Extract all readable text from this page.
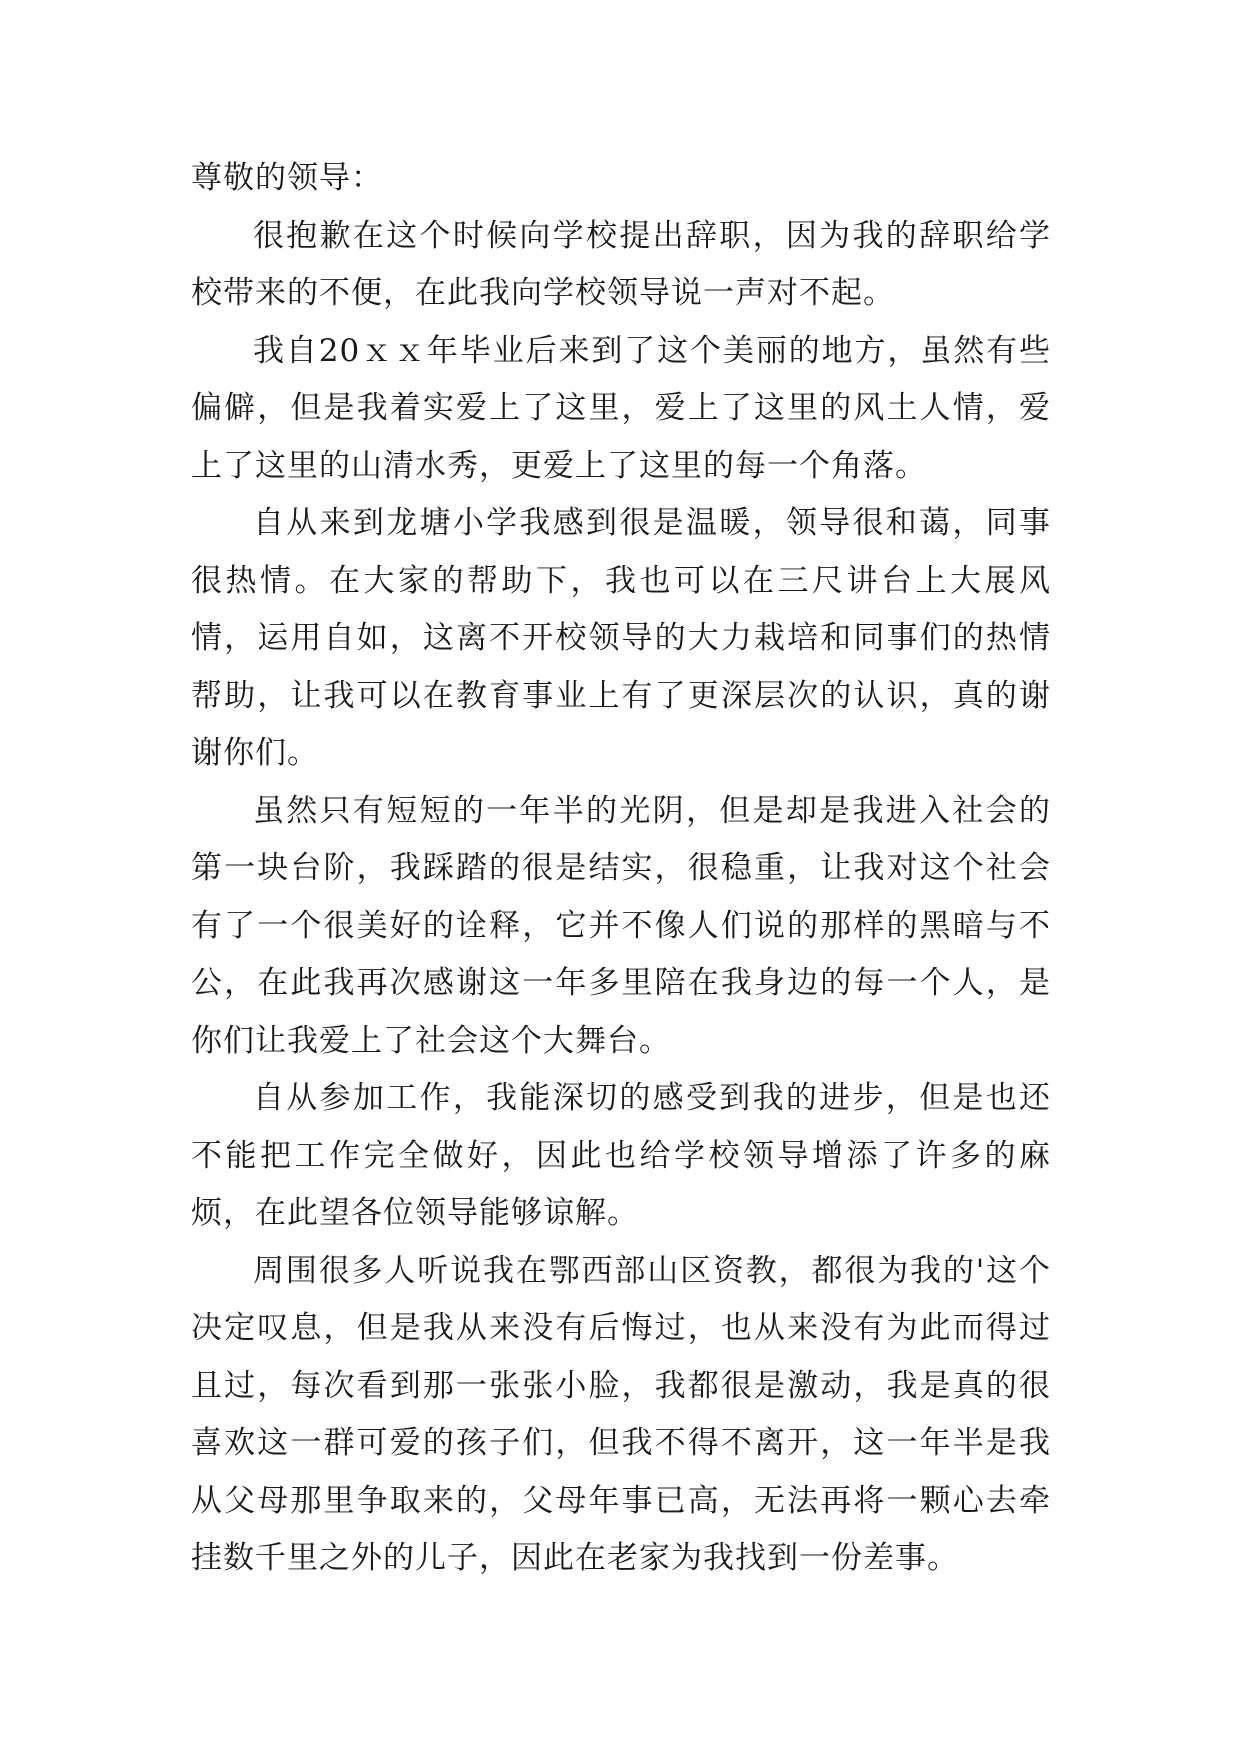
尊敬的领导：

很抱歉在这个时候向学校提出辞职，因为我的辞职给学校带来的不便，在此我向学校领导说一声对不起。

我自20ｘｘ年毕业后来到了这个美丽的地方，虽然有些偏僻，但是我着实爱上了这里，爱上了这里的风土人情，爱上了这里的山清水秀，更爱上了这里的每一个角落。

自从来到龙塘小学我感到很是温暖，领导很和蔼，同事很热情。在大家的帮助下，我也可以在三尺讲台上大展风情，运用自如，这离不开校领导的大力栽培和同事们的热情帮助，让我可以在教育事业上有了更深层次的认识，真的谢谢你们。

虽然只有短短的一年半的光阴，但是却是我进入社会的第一块台阶，我踩踏的很是结实，很稳重，让我对这个社会有了一个很美好的诠释，它并不像人们说的那样的黑暗与不公，在此我再次感谢这一年多里陪在我身边的每一个人，是你们让我爱上了社会这个大舞台。

自从参加工作，我能深切的感受到我的进步，但是也还不能把工作完全做好，因此也给学校领导增添了许多的麻烦，在此望各位领导能够谅解。

周围很多人听说我在鄂西部山区资教，都很为我的'这个决定叹息，但是我从来没有后悔过，也从来没有为此而得过且过，每次看到那一张张小脸，我都很是激动，我是真的很喜欢这一群可爱的孩子们，但我不得不离开，这一年半是我从父母那里争取来的，父母年事已高，无法再将一颗心去牵挂数千里之外的儿子，因此在老家为我找到一份差事。
